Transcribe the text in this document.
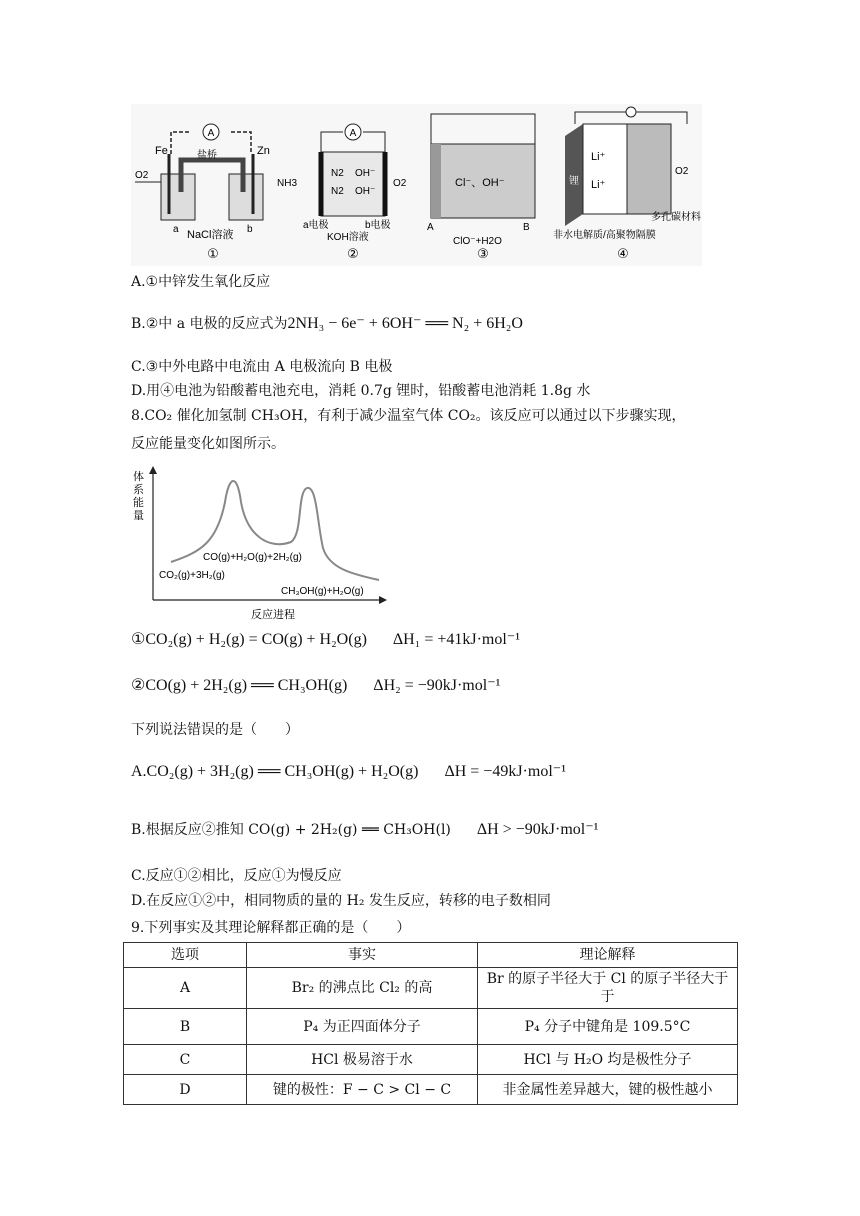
A
Fe	Zn
盐桥
O2
a	b
NaCl溶液
①
A
NH3
N2 OH⁻
N2 OH⁻
O2
a电极	b电极
KOH溶液
②
Cl⁻、OH⁻
A	B
ClO⁻+H2O
③
锂
Li⁺
Li⁺
O2
多孔碳材料
非水电解质/高聚物隔膜
④
A.①中锌发生氧化反应
B.②中 a 电极的反应式为2NH₃ − 6e⁻ + 6OH⁻ ══ N₂ + 6H₂O
C.③中外电路中电流由 A 电极流向 B 电极
D.用④电池为铅酸蓄电池充电，消耗 0.7g 锂时，铅酸蓄电池消耗 1.8g 水
8.CO₂ 催化加氢制 CH₃OH，有利于减少温室气体 CO₂。该反应可以通过以下步骤实现，
反应能量变化如图所示。
体
系
能
量
反应进程
CO₂(g)+3H₂(g)
CO(g)+H₂O(g)+2H₂(g)
CH₃OH(g)+H₂O(g)
①CO₂(g) + H₂(g) = CO(g) + H₂O(g) ΔH₁ = +41kJ·mol⁻¹
②CO(g) + 2H₂(g) ══ CH₃OH(g) ΔH₂ = −90kJ·mol⁻¹
下列说法错误的是（　　）
A.CO₂(g) + 3H₂(g) ══ CH₃OH(g) + H₂O(g) ΔH = −49kJ·mol⁻¹
B.根据反应②推知 CO(g) + 2H₂(g) ══ CH₃OH(l) ΔH > −90kJ·mol⁻¹
C.反应①②相比，反应①为慢反应
D.在反应①②中，相同物质的量的 H₂ 发生反应，转移的电子数相同
9.下列事实及其理论解释都正确的是（　　）
选项	事实	理论解释
A	Br₂ 的沸点比 Cl₂ 的高	Br 的原子半径大于 Cl 的原子半径大于
于
B	P₄ 为正四面体分子	P₄ 分子中键角是 109.5°C
C	HCl 极易溶于水	HCl 与 H₂O 均是极性分子
D	键的极性：F − C > Cl − C	非金属性差异越大，键的极性越小
